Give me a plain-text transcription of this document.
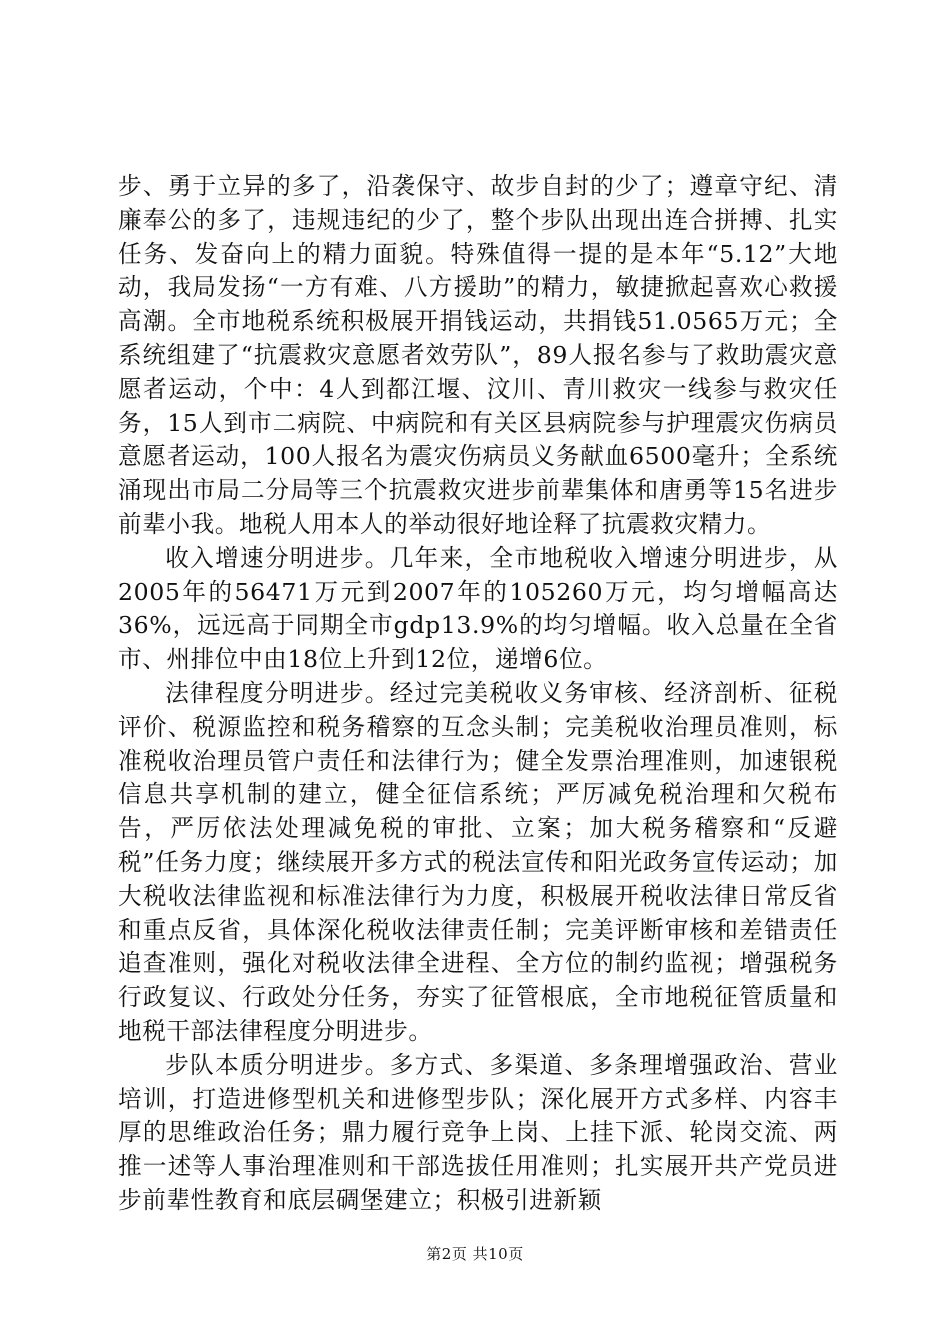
步、勇于立异的多了，沿袭保守、故步自封的少了；遵章守纪、清廉奉公的多了，违规违纪的少了，整个步队出现出连合拼搏、扎实任务、发奋向上的精力面貌。特殊值得一提的是本年“5.12”大地动，我局发扬“一方有难、八方援助”的精力，敏捷掀起喜欢心救援高潮。全市地税系统积极展开捐钱运动，共捐钱51.0565万元；全系统组建了“抗震救灾意愿者效劳队”，89人报名参与了救助震灾意愿者运动，个中：4人到都江堰、汶川、青川救灾一线参与救灾任务，15人到市二病院、中病院和有关区县病院参与护理震灾伤病员意愿者运动，100人报名为震灾伤病员义务献血6500毫升；全系统涌现出市局二分局等三个抗震救灾进步前辈集体和唐勇等15名进步前辈小我。地税人用本人的举动很好地诠释了抗震救灾精力。

收入增速分明进步。几年来，全市地税收入增速分明进步，从2005年的56471万元到2007年的105260万元，均匀增幅高达36%，远远高于同期全市gdp13.9%的均匀增幅。收入总量在全省市、州排位中由18位上升到12位，递增6位。

法律程度分明进步。经过完美税收义务审核、经济剖析、征税评价、税源监控和税务稽察的互念头制；完美税收治理员准则，标准税收治理员管户责任和法律行为；健全发票治理准则，加速银税信息共享机制的建立，健全征信系统；严厉减免税治理和欠税布告，严厉依法处理减免税的审批、立案；加大税务稽察和“反避税”任务力度；继续展开多方式的税法宣传和阳光政务宣传运动；加大税收法律监视和标准法律行为力度，积极展开税收法律日常反省和重点反省，具体深化税收法律责任制；完美评断审核和差错责任追查准则，强化对税收法律全进程、全方位的制约监视；增强税务行政复议、行政处分任务，夯实了征管根底，全市地税征管质量和地税干部法律程度分明进步。

步队本质分明进步。多方式、多渠道、多条理增强政治、营业培训，打造进修型机关和进修型步队；深化展开方式多样、内容丰厚的思维政治任务；鼎力履行竞争上岗、上挂下派、轮岗交流、两推一述等人事治理准则和干部选拔任用准则；扎实展开共产党员进步前辈性教育和底层碉堡建立；积极引进新颖

第2页 共10页
